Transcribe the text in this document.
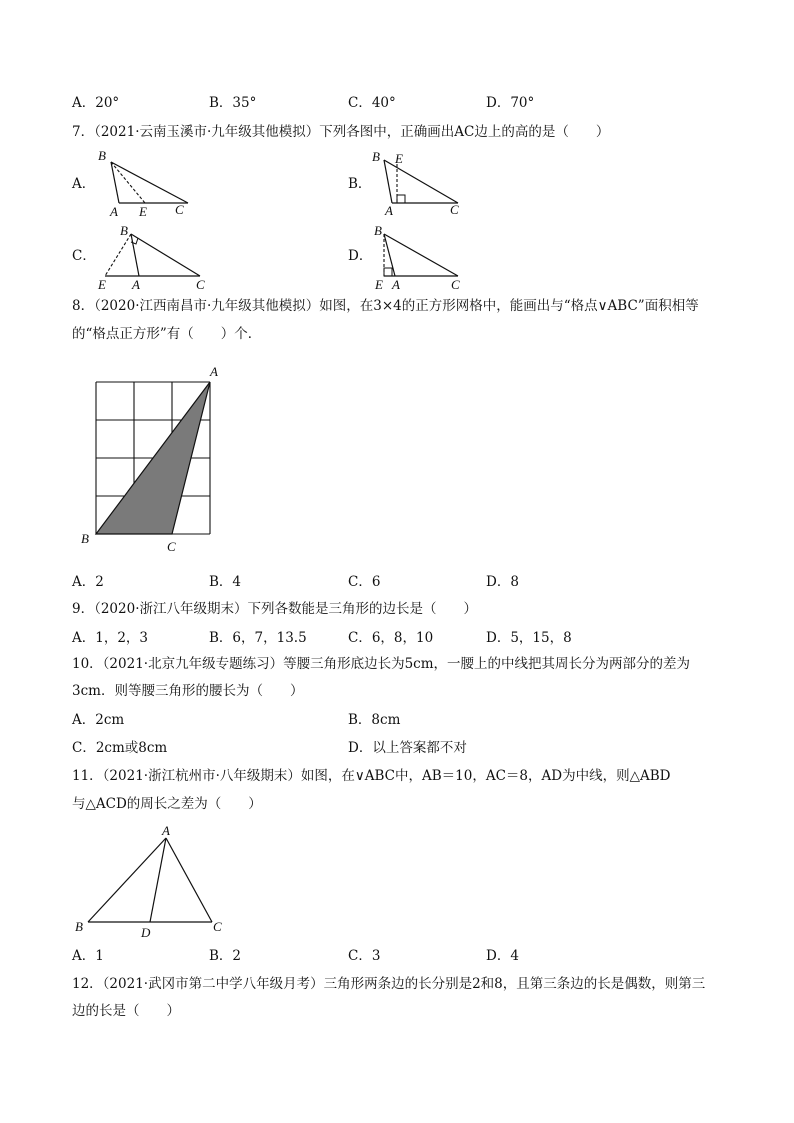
A．20°	B．35°	C．40°	D．70°
7．（2021·云南玉溪市·九年级其他模拟）下列各图中，正确画出AC边上的高的是（　　）
A．
B
A E C
B．
B E
A	C
C．
B
E A	C
D．
B
E A	C
8．（2020·江西南昌市·九年级其他模拟）如图，在3×4的正方形网格中，能画出与“格点∨ABC”面积相等
的“格点正方形”有（　　）个．
A
B
C
A．2	B．4	C．6	D．8
9．（2020·浙江八年级期末）下列各数能是三角形的边长是（　　）
A．1，2，3	B．6，7，13.5	C．6，8，10	D．5，15，8
10．（2021·北京九年级专题练习）等腰三角形底边长为5cm，一腰上的中线把其周长分为两部分的差为
3cm．则等腰三角形的腰长为（　　）
A．2cm	B．8cm
C．2cm或8cm	D．以上答案都不对
11．（2021·浙江杭州市·八年级期末）如图，在∨ABC中，AB＝10，AC＝8，AD为中线，则△ABD
与△ACD的周长之差为（　　）
A
B	D	C
A．1	B．2	C．3	D．4
12．（2021·武冈市第二中学八年级月考）三角形两条边的长分别是2和8，且第三条边的长是偶数，则第三
边的长是（　　）
